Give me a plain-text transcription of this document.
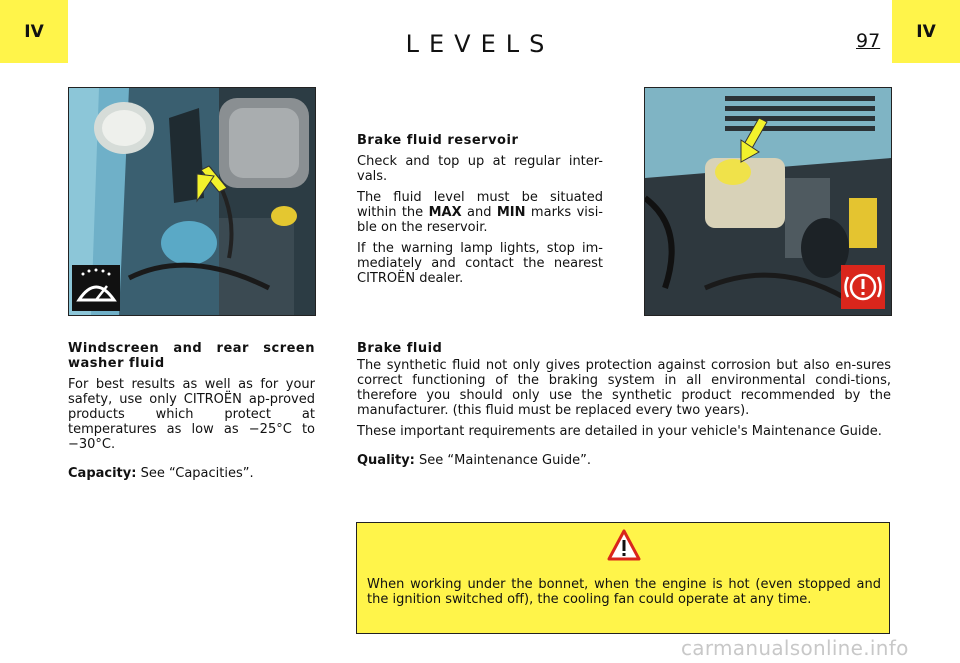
IV	IV
LEVELS	97

Brake fluid reservoir

Check and top up at regular inter-vals.

The fluid level must be situated within the MAX and MIN marks visi-ble on the reservoir.

If the warning lamp lights, stop im-mediately and contact the nearest CITROËN dealer.

Windscreen and rear screen washer fluid

For best results as well as for your safety, use only CITROËN ap-proved products which protect at temperatures as low as −25°C to −30°C.

Capacity: See “Capacities”.

Brake fluid

The synthetic fluid not only gives protection against corrosion but also en-sures correct functioning of the braking system in all environmental condi-tions, therefore you should only use the synthetic product recommended by the manufacturer. (this fluid must be replaced every two years).

These important requirements are detailed in your vehicle's Maintenance Guide.

Quality: See “Maintenance Guide”.

When working under the bonnet, when the engine is hot (even stopped and the ignition switched off), the cooling fan could operate at any time.
carmanualsonline.info
